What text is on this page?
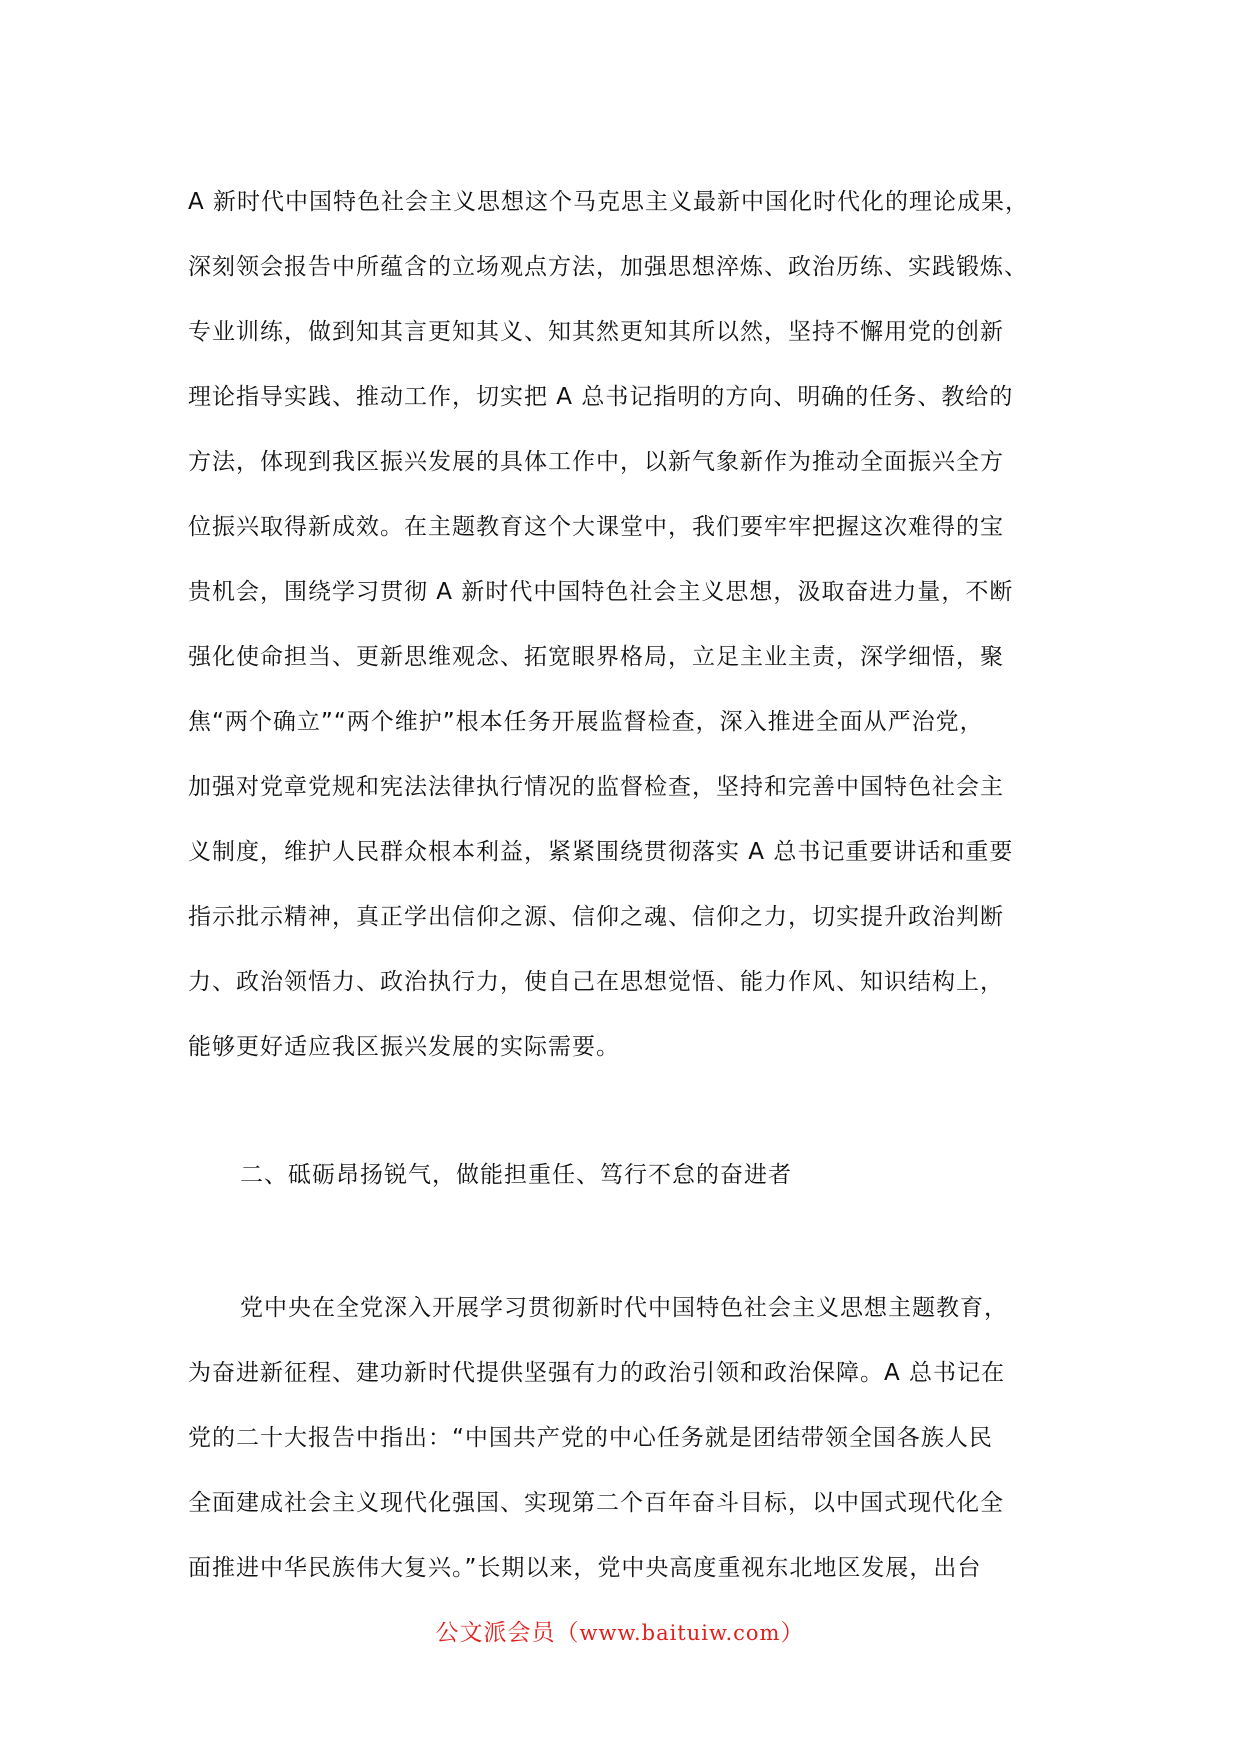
A 新时代中国特色社会主义思想这个马克思主义最新中国化时代化的理论成果，
深刻领会报告中所蕴含的立场观点方法，加强思想淬炼、政治历练、实践锻炼、
专业训练，做到知其言更知其义、知其然更知其所以然，坚持不懈用党的创新
理论指导实践、推动工作，切实把 A 总书记指明的方向、明确的任务、教给的
方法，体现到我区振兴发展的具体工作中，以新气象新作为推动全面振兴全方
位振兴取得新成效。在主题教育这个大课堂中，我们要牢牢把握这次难得的宝
贵机会，围绕学习贯彻 A 新时代中国特色社会主义思想，汲取奋进力量，不断
强化使命担当、更新思维观念、拓宽眼界格局，立足主业主责，深学细悟，聚
焦“两个确立”“两个维护”根本任务开展监督检查，深入推进全面从严治党，
加强对党章党规和宪法法律执行情况的监督检查，坚持和完善中国特色社会主
义制度，维护人民群众根本利益，紧紧围绕贯彻落实 A 总书记重要讲话和重要
指示批示精神，真正学出信仰之源、信仰之魂、信仰之力，切实提升政治判断
力、政治领悟力、政治执行力，使自己在思想觉悟、能力作风、知识结构上，
能够更好适应我区振兴发展的实际需要。
二、砥砺昂扬锐气，做能担重任、笃行不怠的奋进者
党中央在全党深入开展学习贯彻新时代中国特色社会主义思想主题教育，
为奋进新征程、建功新时代提供坚强有力的政治引领和政治保障。A 总书记在
党的二十大报告中指出：“中国共产党的中心任务就是团结带领全国各族人民
全面建成社会主义现代化强国、实现第二个百年奋斗目标，以中国式现代化全
面推进中华民族伟大复兴。”长期以来，党中央高度重视东北地区发展，出台
公文派会员（www.baituiw.com）
